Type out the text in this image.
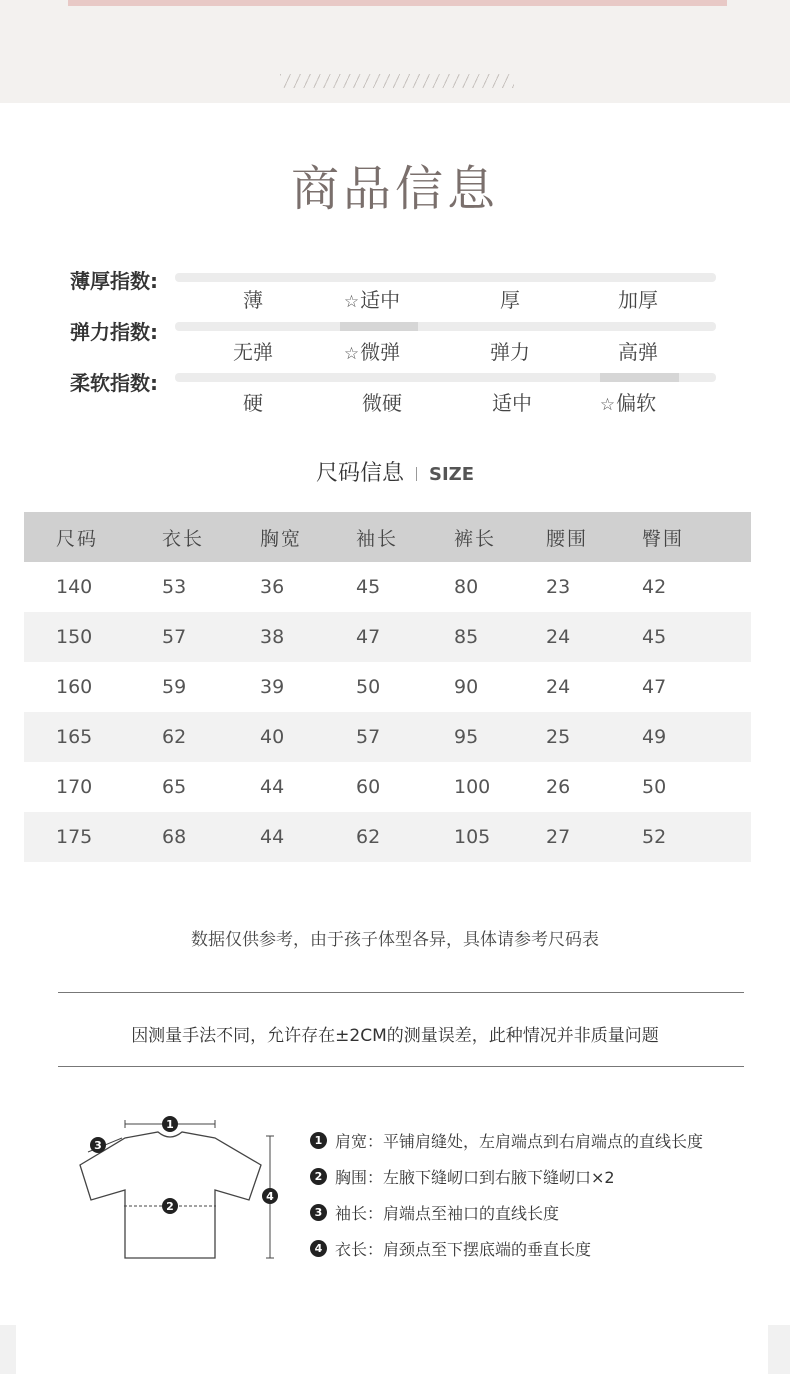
商品信息
薄厚指数:
薄	☆适中	厚	加厚
弹力指数:
无弹	☆微弹	弹力	高弹
柔软指数:
硬	微硬	适中	☆偏软
尺码信息 SIZE
尺码	衣长	胸宽	袖长	裤长	腰围	臀围
140	53	36	45	80	23	42
150	57	38	47	85	24	45
160	59	39	50	90	24	47
165	62	40	57	95	25	49
170	65	44	60	100	26	50
175	68	44	62	105	27	52
数据仅供参考，由于孩子体型各异，具体请参考尺码表
因测量手法不同，允许存在±2CM的测量误差，此种情况并非质量问题
1
3
2
4
1 肩宽：平铺肩缝处，左肩端点到右肩端点的直线长度
2 胸围：左腋下缝屻口到右腋下缝屻口×2
3 袖长：肩端点至袖口的直线长度
4 衣长：肩颈点至下摆底端的垂直长度
